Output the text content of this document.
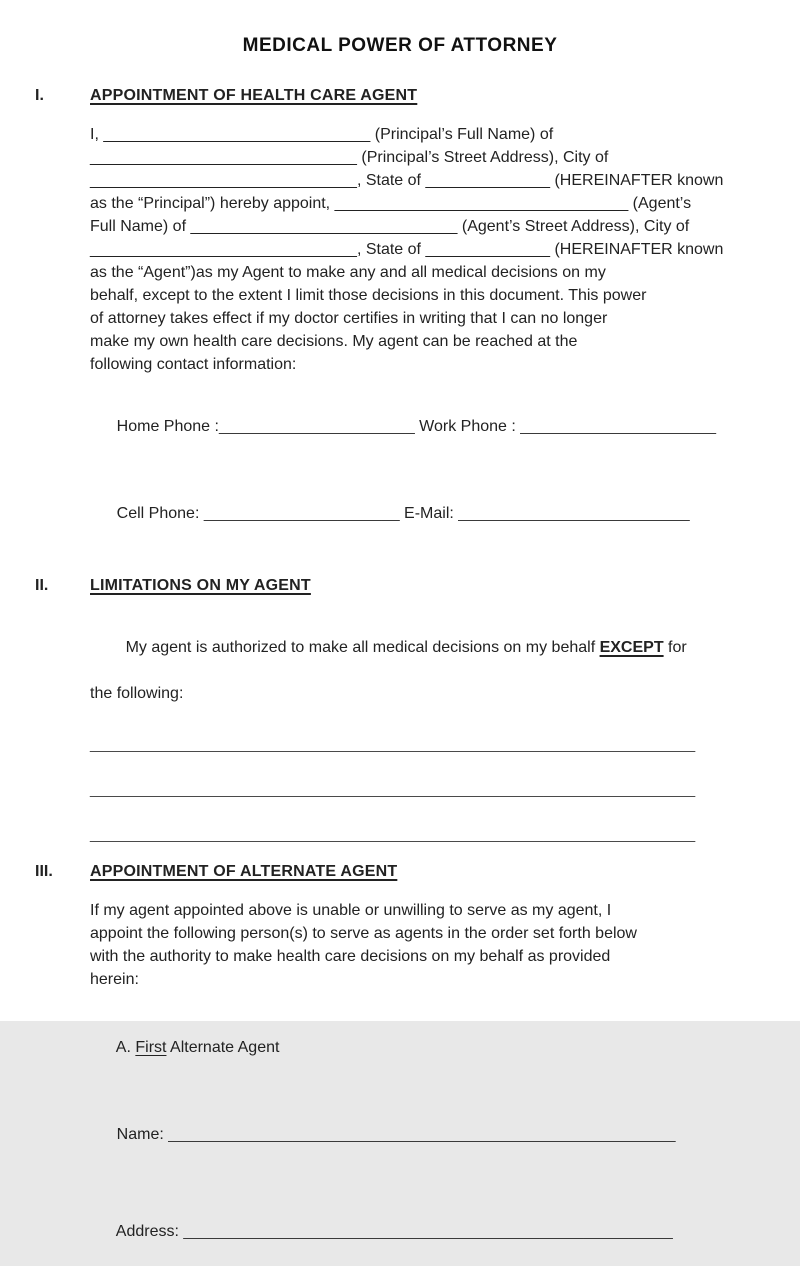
MEDICAL POWER OF ATTORNEY
I.	APPOINTMENT OF HEALTH CARE AGENT
I, ______________________________ (Principal’s Full Name) of
______________________________ (Principal’s Street Address), City of
______________________________, State of ______________ (HEREINAFTER known
as the “Principal”) hereby appoint, _________________________________ (Agent’s
Full Name) of ______________________________ (Agent’s Street Address), City of
______________________________, State of ______________ (HEREINAFTER known
as the “Agent”)as my Agent to make any and all medical decisions on my
behalf, except to the extent I limit those decisions in this document. This power
of attorney takes effect if my doctor certifies in writing that I can no longer
make my own health care decisions. My agent can be reached at the
following contact information:

Home Phone :______________________ Work Phone : ______________________

Cell Phone: ______________________ E-Mail: __________________________

II.	LIMITATIONS ON MY AGENT

My agent is authorized to make all medical decisions on my behalf EXCEPT for

the following:
____________________________________________________________________
____________________________________________________________________
____________________________________________________________________
III.	APPOINTMENT OF ALTERNATE AGENT
If my agent appointed above is unable or unwilling to serve as my agent, I
appoint the following person(s) to serve as agents in the order set forth below
with the authority to make health care decisions on my behalf as provided
herein:

A. First Alternate Agent

Name: _________________________________________________________

Address: _______________________________________________________
